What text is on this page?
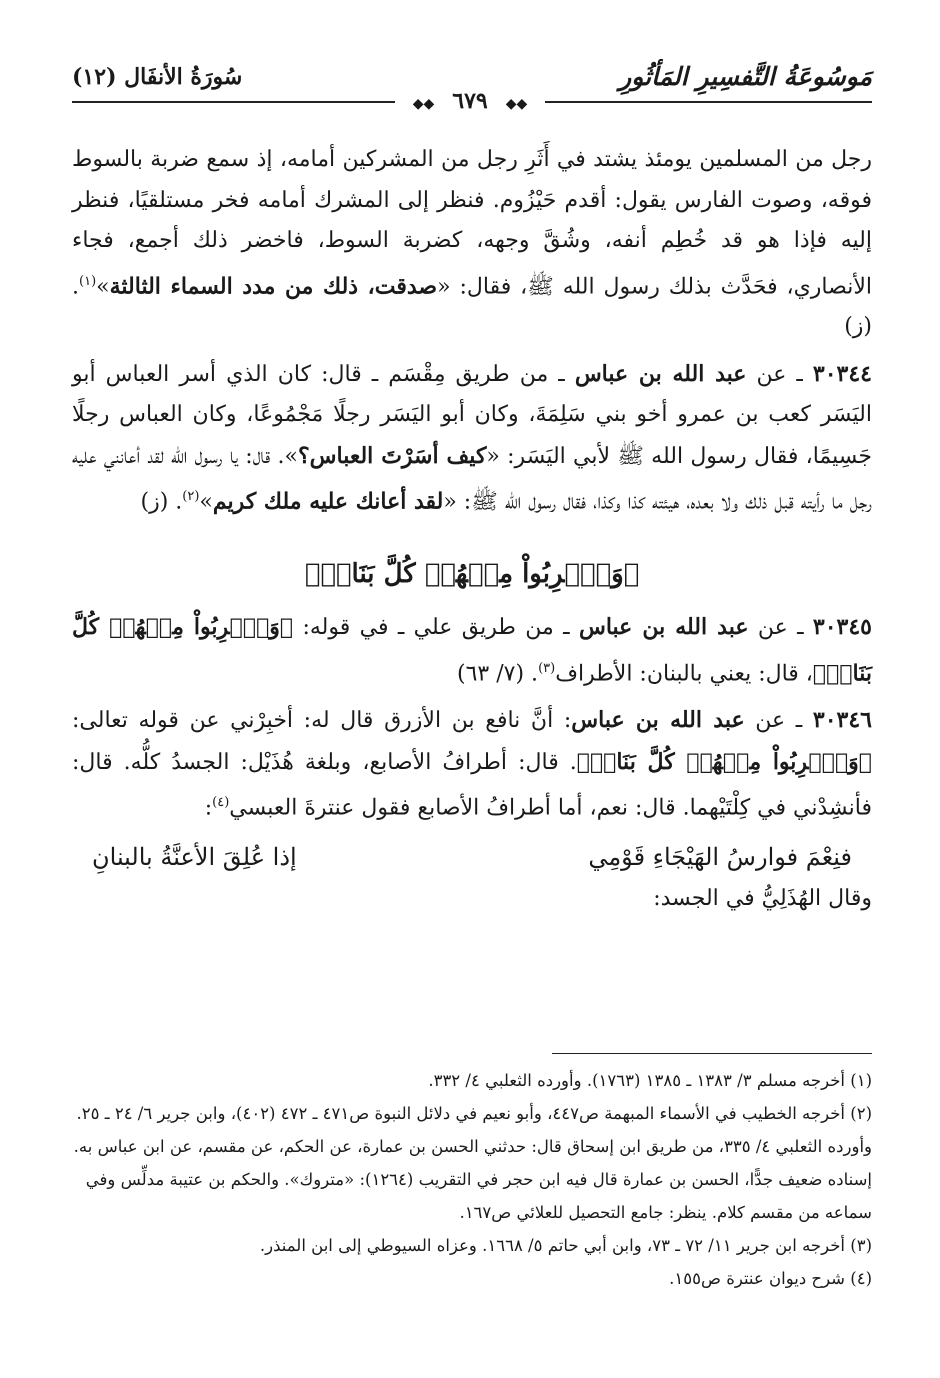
سُورَةُ الأنفَال (١٢)	مَوسُوعَةُ التَّفسِيرِ المَأثُورِ
◆◆ ٦٧٩ ◆◆

رجل من المسلمين يومئذ يشتد في أَثَرِ رجل من المشركين أمامه، إذ سمع ضربة بالسوط فوقه، وصوت الفارس يقول: أقدم حَيْزُوم. فنظر إلى المشرك أمامه فخر مستلقيًا، فنظر إليه فإذا هو قد خُطِم أنفه، وشُقَّ وجهه، كضربة السوط، فاخضر ذلك أجمع، فجاء الأنصاري، فحَدَّث بذلك رسول الله ﷺ، فقال: «صدقت، ذلك من مدد السماء الثالثة»$^{(١)}$. (ز)

٣٠٣٤٤ ـ عن عبد الله بن عباس ـ من طريق مِقْسَم ـ قال: كان الذي أسر العباس أبو اليَسَر كعب بن عمرو أخو بني سَلِمَةَ، وكان أبو اليَسَر رجلًا مَجْمُوعًا، وكان العباس رجلًا جَسِيمًا، فقال رسول الله ﷺ لأبي اليَسَر: «كيف أسَرْتَ العباس؟». قال: يا رسول الله لقد أعانني عليه رجل ما رأيته قبل ذلك ولا بعده، هيئته كذا وكذا، فقال رسول الله ﷺ: «لقد أعانك عليه ملك كريم»$^{(٢)}$. (ز)

﴿وَٱضۡرِبُواْ مِنۡهُمۡ كُلَّ بَنَانٖ﴾

٣٠٣٤٥ ـ عن عبد الله بن عباس ـ من طريق علي ـ في قوله: ﴿وَٱضۡرِبُواْ مِنۡهُمۡ كُلَّ بَنَانٖ﴾، قال: يعني بالبنان: الأطراف$^{(٣)}$. (٧/ ٦٣)

٣٠٣٤٦ ـ عن عبد الله بن عباس: أنَّ نافع بن الأزرق قال له: أخبِرْني عن قوله تعالى: ﴿وَٱضۡرِبُواْ مِنۡهُمۡ كُلَّ بَنَانٖ﴾. قال: أطرافُ الأصابع، وبلغة هُذَيْل: الجسدُ كلُّه. قال: فأنشِدْني في كِلْتَيْهما. قال: نعم، أما أطرافُ الأصابع فقول عنترةَ العبسي$^{(٤)}$:

فنِعْمَ فوارسُ الهَيْجَاءِ قَوْمِي
إذا عُلِقَ الأعنَّةُ بالبنانِ

وقال الهُذَلِيُّ في الجسد:

(١) أخرجه مسلم ٣/ ١٣٨٣ ـ ١٣٨٥ (١٧٦٣). وأورده الثعلبي ٤/ ٣٣٢.

(٢) أخرجه الخطيب في الأسماء المبهمة ص٤٤٧، وأبو نعيم في دلائل النبوة ص٤٧١ ـ ٤٧٢ (٤٠٢)، وابن جرير ٦/ ٢٤ ـ ٢٥. وأورده الثعلبي ٤/ ٣٣٥، من طريق ابن إسحاق قال: حدثني الحسن بن عمارة، عن الحكم، عن مقسم، عن ابن عباس به.

إسناده ضعيف جدًّا، الحسن بن عمارة قال فيه ابن حجر في التقريب (١٢٦٤): «متروك». والحكم بن عتيبة مدلِّس وفي سماعه من مقسم كلام. ينظر: جامع التحصيل للعلائي ص١٦٧.

(٣) أخرجه ابن جرير ١١/ ٧٢ ـ ٧٣، وابن أبي حاتم ٥/ ١٦٦٨. وعزاه السيوطي إلى ابن المنذر.

(٤) شرح ديوان عنترة ص١٥٥.
